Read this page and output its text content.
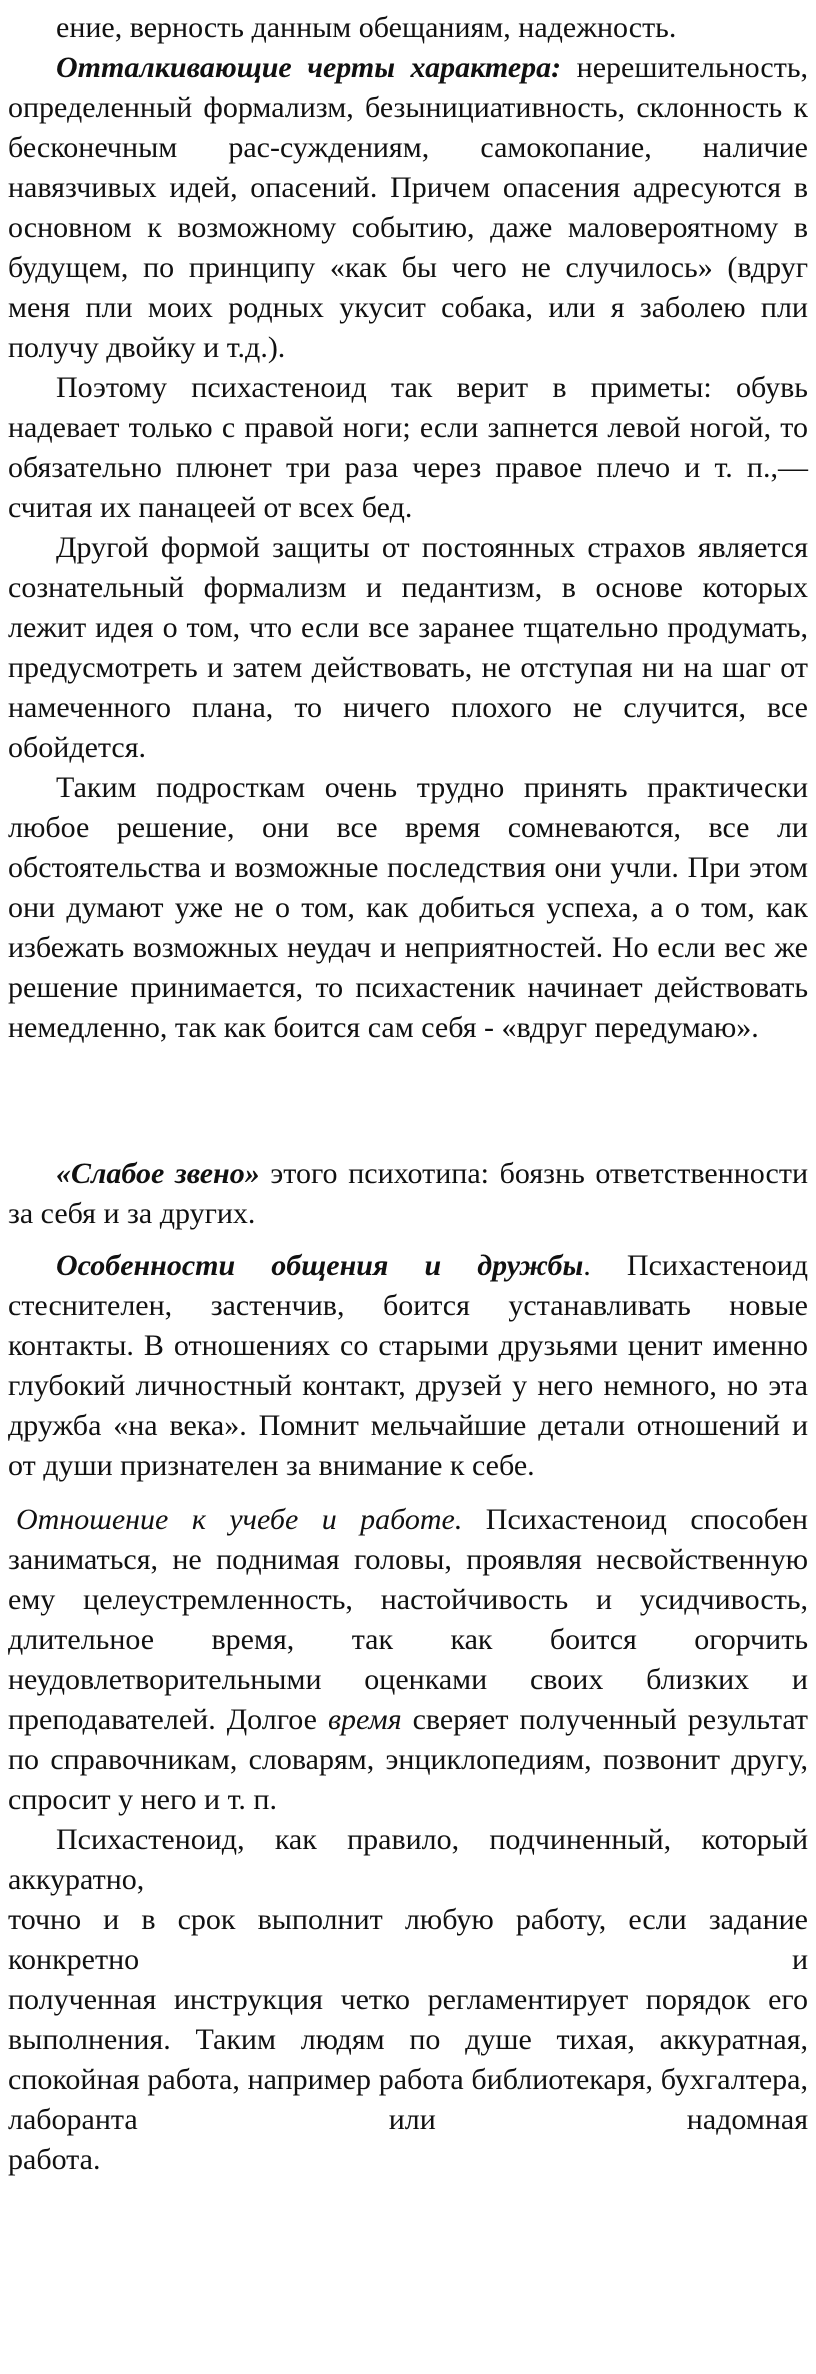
ение, верность данным обещаниям, надежность.

Отталкивающие черты характера: нерешительность, определенный формализм, безынициативность, склонность к бесконечным рас-суждениям, самокопание, наличие навязчивых идей, опасений. Причем опасения адресуются в основном к возможному событию, даже маловероятному в будущем, по принципу «как бы чего не случилось» (вдруг меня пли моих родных укусит собака, или я заболею пли получу двойку и т.д.).

Поэтому психастеноид так верит в приметы: обувь надевает только с правой ноги; если запнется левой ногой, то обязательно плюнет три раза через правое плечо и т. п.,— считая их панацеей от всех бед.

Другой формой защиты от постоянных страхов является сознательный формализм и педантизм, в основе которых лежит идея о том, что если все заранее тщательно продумать, предусмотреть и затем действовать, не отступая ни на шаг от намеченного плана, то ничего плохого не случится, все обойдется.

Таким подросткам очень трудно принять практически любое решение, они все время сомневаются, все ли обстоятельства и возможные последствия они учли. При этом они думают уже не о том, как добиться успеха, а о том, как избежать возможных неудач и неприятностей. Но если вес же решение принимается, то психастеник начинает действовать немедленно, так как боится сам себя - «вдруг передумаю».

«Слабое звено» этого психотипа: боязнь ответственности за себя и за других.

Особенности общения и дружбы. Психастеноид стеснителен, застенчив, боится устанавливать новые контакты. В отношениях со старыми друзьями ценит именно глубокий личностный контакт, друзей у него немного, но эта дружба «на века». Помнит мельчайшие детали отношений и от души признателен за внимание к себе.

Отношение к учебе и работе. Психастеноид способен заниматься, не поднимая головы, проявляя несвойственную ему целеустремленность, настойчивость и усидчивость, длительное время, так как боится огорчить неудовлетворительными оценками своих близких и преподавателей. Долгое время сверяет полученный результат по справочникам, словарям, энциклопедиям, позвонит другу, спросит у него и т. п.

Психастеноид, как правило, подчиненный, который аккуратно,

точно и в срок выполнит любую работу, если задание конкретно и

полученная инструкция четко регламентирует порядок его выполнения. Таким людям по душе тихая, аккуратная, спокойная работа, например работа библиотекаря, бухгалтера, лаборанта или надомная

работа.
